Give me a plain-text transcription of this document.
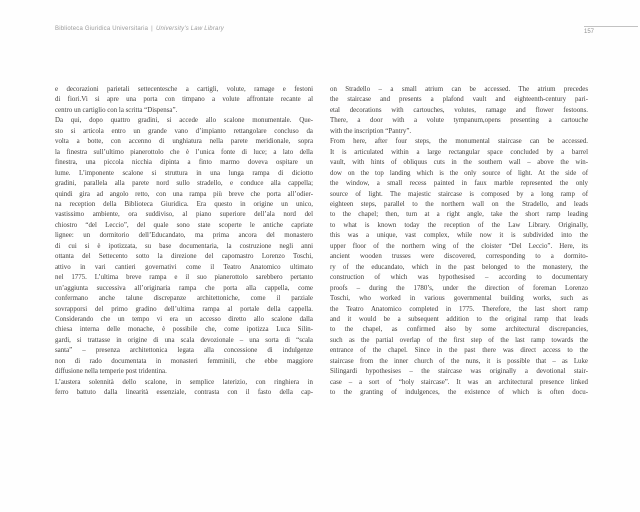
Biblioteca Giuridica Universitaria | University’s Law Library	157
e decorazioni parietali settecentesche a cartigli, volute, ramage e festoni
di fiori.Vi si apre una porta con timpano a volute affrontate recante al
centro un cartiglio con la scritta “Dispensa”.
Da qui, dopo quattro gradini, si accede allo scalone monumentale. Que-
sto si articola entro un grande vano d’impianto rettangolare concluso da
volta a botte, con accenno di unghiatura nella parete meridionale, sopra
la finestra sull’ultimo pianerottolo che è l’unica fonte di luce; a lato della
finestra, una piccola nicchia dipinta a finto marmo doveva ospitare un
lume. L’imponente scalone si struttura in una lunga rampa di diciotto
gradini, parallela alla parete nord sullo stradello, e conduce alla cappella;
quindi gira ad angolo retto, con una rampa più breve che porta all’odier-
na reception della Biblioteca Giuridica. Era questo in origine un unico,
vastissimo ambiente, ora suddiviso, al piano superiore dell’ala nord del
chiostro “del Leccio”, del quale sono state scoperte le antiche capriate
lignee: un dormitorio dell’Educandato, ma prima ancora del monastero
di cui si è ipotizzata, su base documentaria, la costruzione negli anni
ottanta del Settecento sotto la direzione del capomastro Lorenzo Toschi,
attivo in vari cantieri governativi come il Teatro Anatomico ultimato
nel 1775. L’ultima breve rampa e il suo pianerottolo sarebbero pertanto
un’aggiunta successiva all’originaria rampa che porta alla cappella, come
confermano anche talune discrepanze architettoniche, come il parziale
sovrapporsi del primo gradino dell’ultima rampa al portale della cappella.
Considerando che un tempo vi era un accesso diretto allo scalone dalla
chiesa interna delle monache, è possibile che, come ipotizza Luca Silin-
gardi, si trattasse in origine di una scala devozionale – una sorta di “scala
santa” – presenza architettonica legata alla concessione di indulgenze
non di rado documentata in monasteri femminili, che ebbe maggiore
diffusione nella temperie post tridentina.
L’austera solennità dello scalone, in semplice laterizio, con ringhiera in
ferro battuto dalla linearità essenziale, contrasta con il fasto della cap-
on Stradello – a small atrium can be accessed. The atrium precedes
the staircase and presents a plafond vault and eighteenth-century pari-
etal decorations with cartouches, volutes, ramage and flower festoons.
There, a door with a volute tympanum,opens presenting a cartouche
with the inscription “Pantry”.
From here, after four steps, the monumental staircase can be accessed.
It is articulated within a large rectangular space concluded by a barrel
vault, with hints of obliquus cuts in the southern wall – above the win-
dow on the top landing which is the only source of light. At the side of
the window, a small recess painted in faux marble represented the only
source of light. The majestic staircase is composed by a long ramp of
eighteen steps, parallel to the northern wall on the Stradello, and leads
to the chapel; then, turn at a right angle, take the short ramp leading
to what is known today the reception of the Law Library. Originally,
this was a unique, vast complex, while now it is subdivided into the
upper floor of the northern wing of the cloister “Del Leccio”. Here, its
ancient wooden trusses were discovered, corresponding to a dormito-
ry of the educandato, which in the past belonged to the monastery, the
construction of which was hypothesised – according to documentary
proofs – during the 1780’s, under the direction of foreman Lorenzo
Toschi, who worked in various governmental building works, such as
the Teatro Anatomico completed in 1775. Therefore, the last short ramp
and it would be a subsequent addition to the original ramp that leads
to the chapel, as confirmed also by some architectural discrepancies,
such as the partial overlap of the first step of the last ramp towards the
entrance of the chapel. Since in the past there was direct access to the
staircase from the inner church of the nuns, it is possible that – as Luke
Silingardi hypothesises – the staircase was originally a devotional stair-
case – a sort of “holy staircase”. It was an architectural presence linked
to the granting of indulgences, the existence of which is often docu-
